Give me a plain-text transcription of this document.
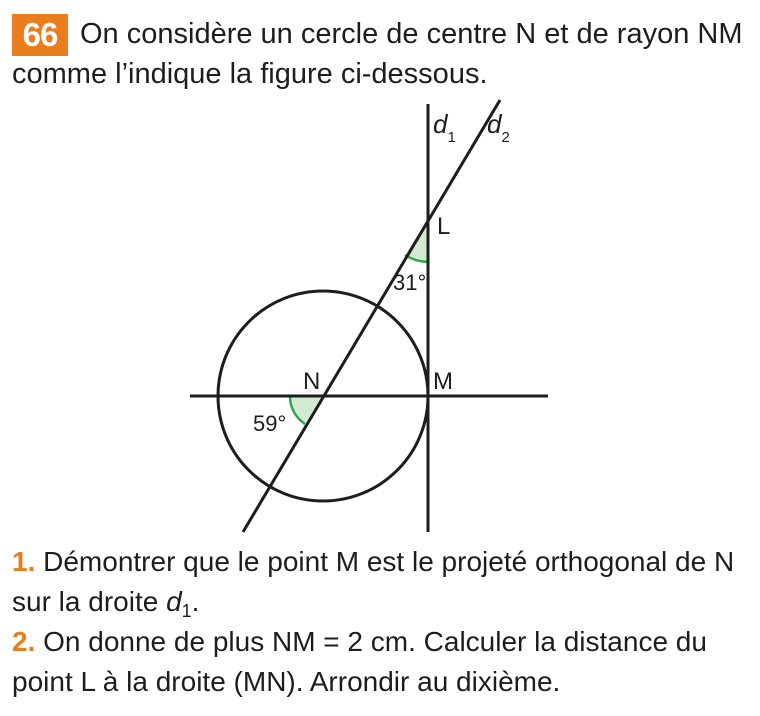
On considère un cercle de centre N et de rayon NM comme l’indique la figure ci-dessous.

66
$d_1$ $d_2$
L
N	M
31°
59°
1. Démontrer que le point M est le projeté orthogonal de N sur la droite $d_1$.
2. On donne de plus NM = 2 cm. Calculer la distance du point L à la droite (MN). Arrondir au dixième.
